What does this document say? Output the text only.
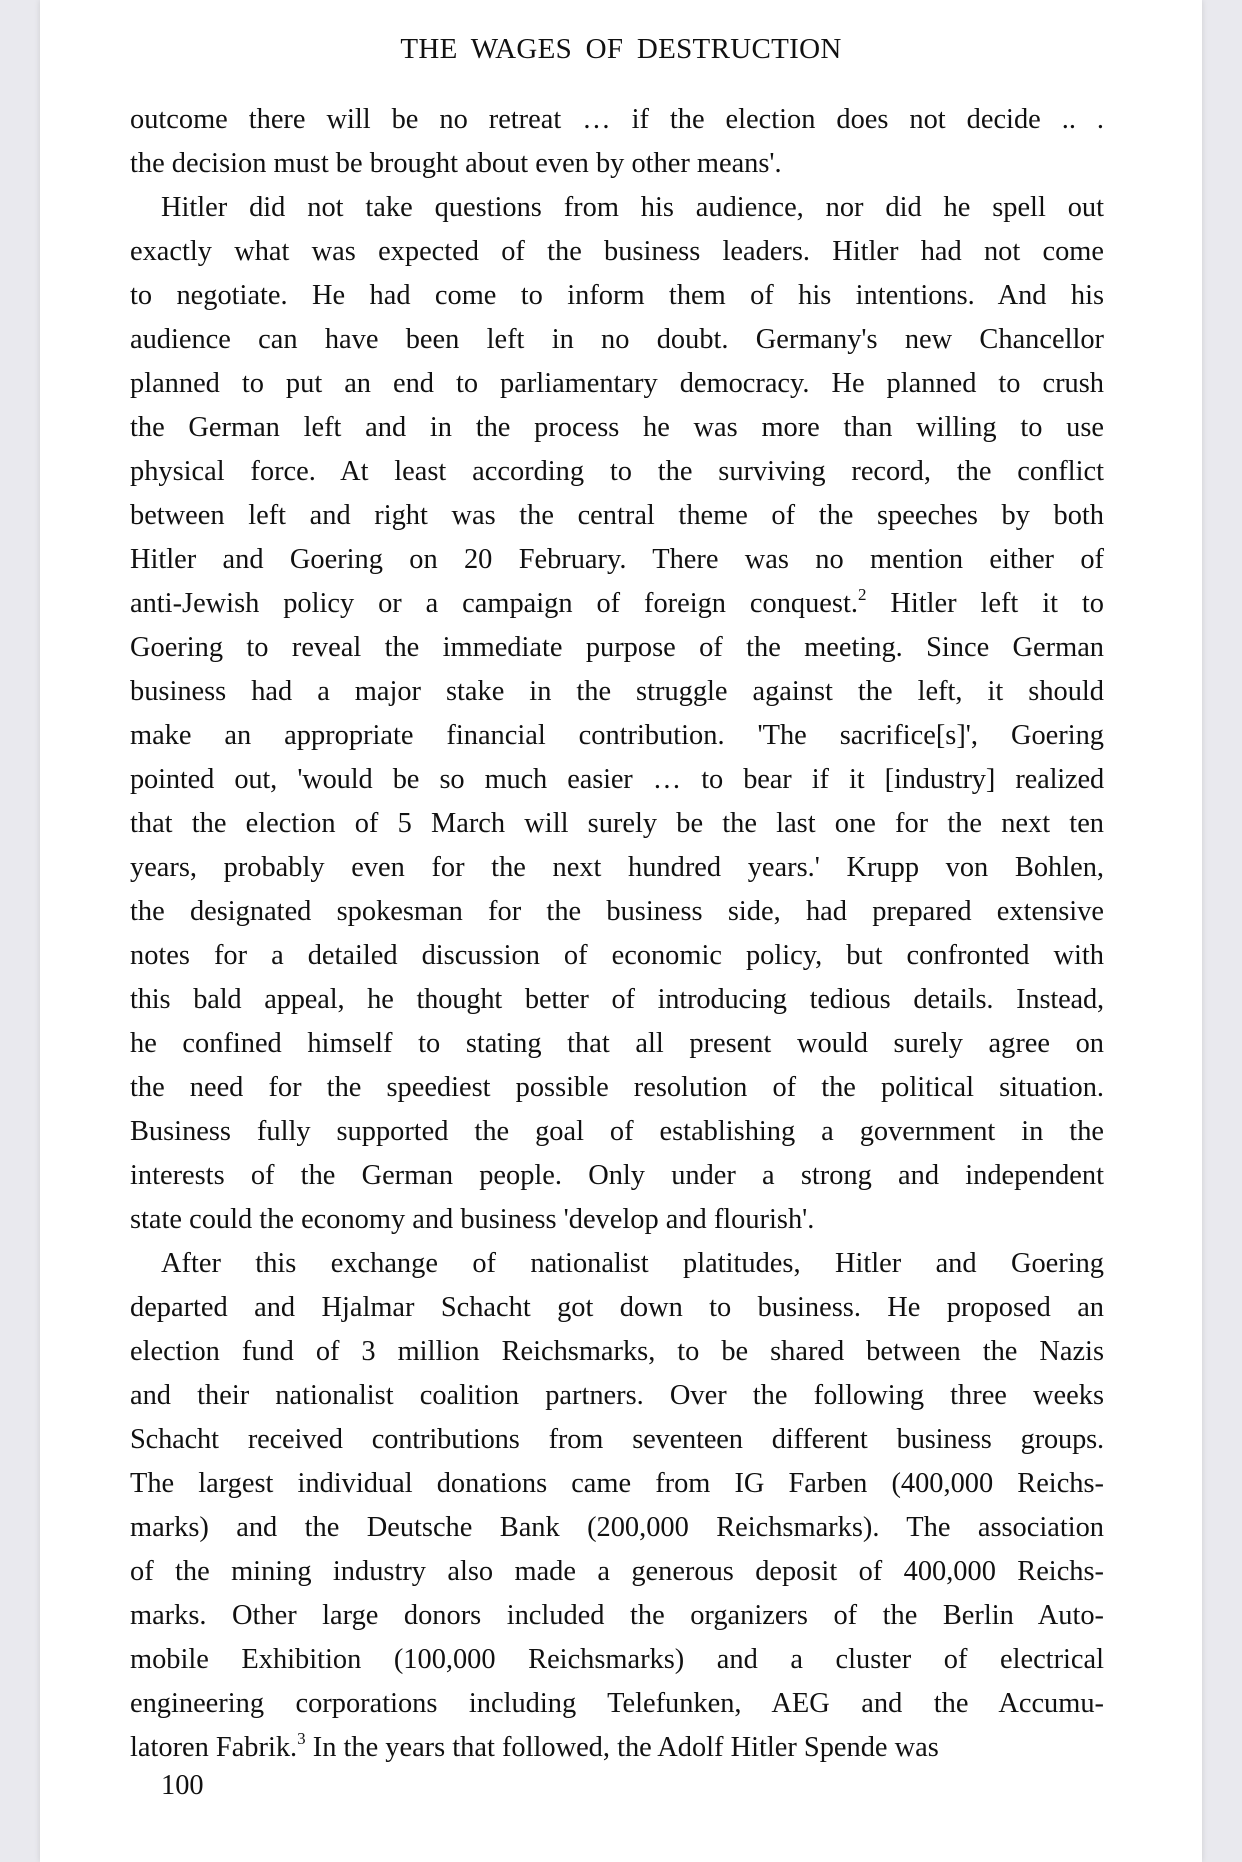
THE WAGES OF DESTRUCTION
outcome there will be no retreat … if the election does not decide .. .
the decision must be brought about even by other means'.
Hitler did not take questions from his audience, nor did he spell out
exactly what was expected of the business leaders. Hitler had not come
to negotiate. He had come to inform them of his intentions. And his
audience can have been left in no doubt. Germany's new Chancellor
planned to put an end to parliamentary democracy. He planned to crush
the German left and in the process he was more than willing to use
physical force. At least according to the surviving record, the conflict
between left and right was the central theme of the speeches by both
Hitler and Goering on 20 February. There was no mention either of
anti-Jewish policy or a campaign of foreign conquest.$^2$ Hitler left it to
Goering to reveal the immediate purpose of the meeting. Since German
business had a major stake in the struggle against the left, it should
make an appropriate financial contribution. 'The sacrifice[s]', Goering
pointed out, 'would be so much easier … to bear if it [industry] realized
that the election of 5 March will surely be the last one for the next ten
years, probably even for the next hundred years.' Krupp von Bohlen,
the designated spokesman for the business side, had prepared extensive
notes for a detailed discussion of economic policy, but confronted with
this bald appeal, he thought better of introducing tedious details. Instead,
he confined himself to stating that all present would surely agree on
the need for the speediest possible resolution of the political situation.
Business fully supported the goal of establishing a government in the
interests of the German people. Only under a strong and independent
state could the economy and business 'develop and flourish'.
After this exchange of nationalist platitudes, Hitler and Goering
departed and Hjalmar Schacht got down to business. He proposed an
election fund of 3 million Reichsmarks, to be shared between the Nazis
and their nationalist coalition partners. Over the following three weeks
Schacht received contributions from seventeen different business groups.
The largest individual donations came from IG Farben (400,000 Reichs-
marks) and the Deutsche Bank (200,000 Reichsmarks). The association
of the mining industry also made a generous deposit of 400,000 Reichs-
marks. Other large donors included the organizers of the Berlin Auto-
mobile Exhibition (100,000 Reichsmarks) and a cluster of electrical
engineering corporations including Telefunken, AEG and the Accumu-
latoren Fabrik.$^3$ In the years that followed, the Adolf Hitler Spende was
100
